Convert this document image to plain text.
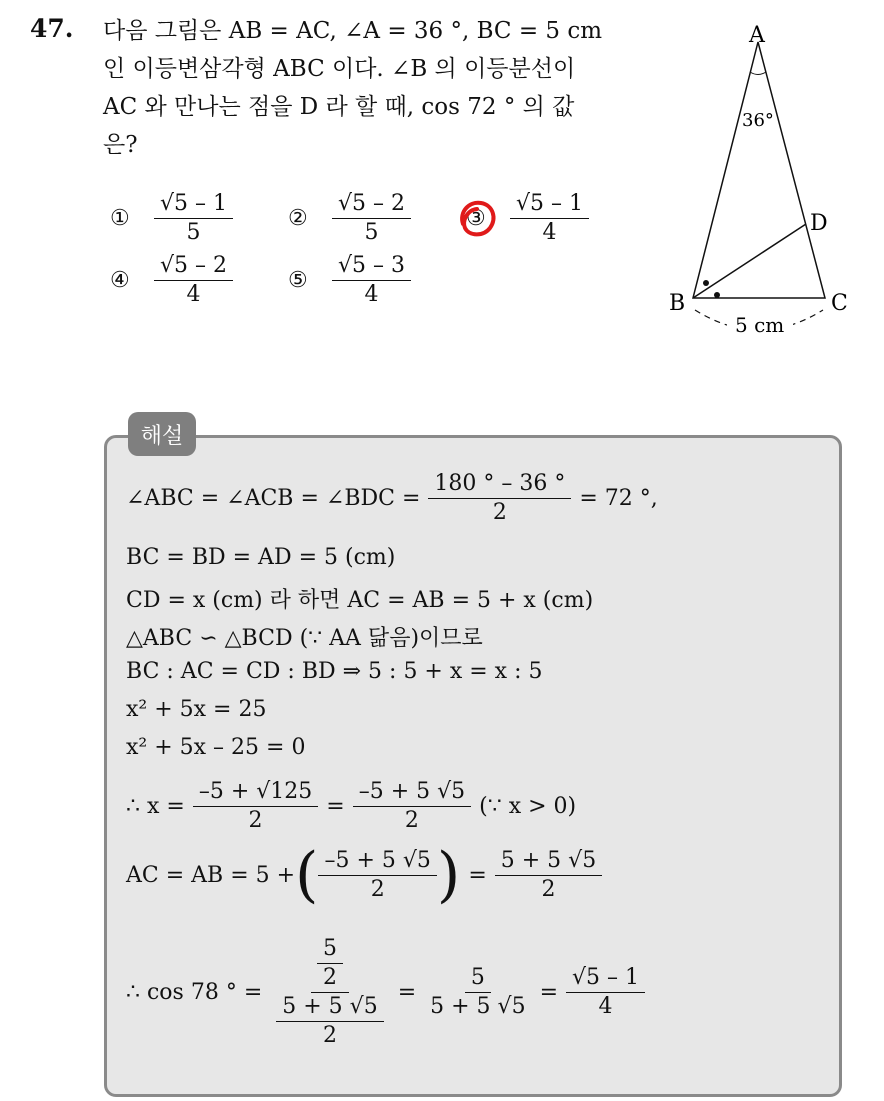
47. 다음 그림은 AB = AC, ∠A = 36 °, BC = 5 cm
인 이등변삼각형 ABC 이다. ∠B 의 이등분선이
AC 와 만나는 점을 D 라 할 때, cos 72 ° 의 값
은?
①	$\frac{√5 - 1}{5}$	②	$\frac{√5 - 2}{5}$	③	$\frac{√5 - 1}{4}$
④	$\frac{√5 - 2}{4}$	⑤	$\frac{√5 - 3}{4}$
A
B	C
D
36°
5 cm
해설
∠ABC = ∠ACB = ∠BDC = $\frac{180 ^\circ - 36 ^\circ}{2} = 72$ °,
BC = BD = AD = 5 (cm)
CD = x (cm) 라 하면 AC = AB = 5 + x (cm)
△ABC ∽ △BCD (∵ AA 닮음)이므로
BC : AC = CD : BD ⇒ 5 : 5 + x = x : 5
x² + 5x = 25
x² + 5x – 25 = 0
∴ $x = \frac{-5 + √125}{2} = \frac{-5 + 5 √5}{2}$ (∵ x > 0)
AC = AB = 5 + ( $\frac{-5 + 5 √5}{2}$ ) = $\frac{5 + 5 √5}{2}$
∴ cos 78 ° = $\frac{\frac{5}{2}}{\frac{5 + 5 √5}{2}} = \frac{5}{5 + 5 √5} = \frac{√5 - 1}{4}$
